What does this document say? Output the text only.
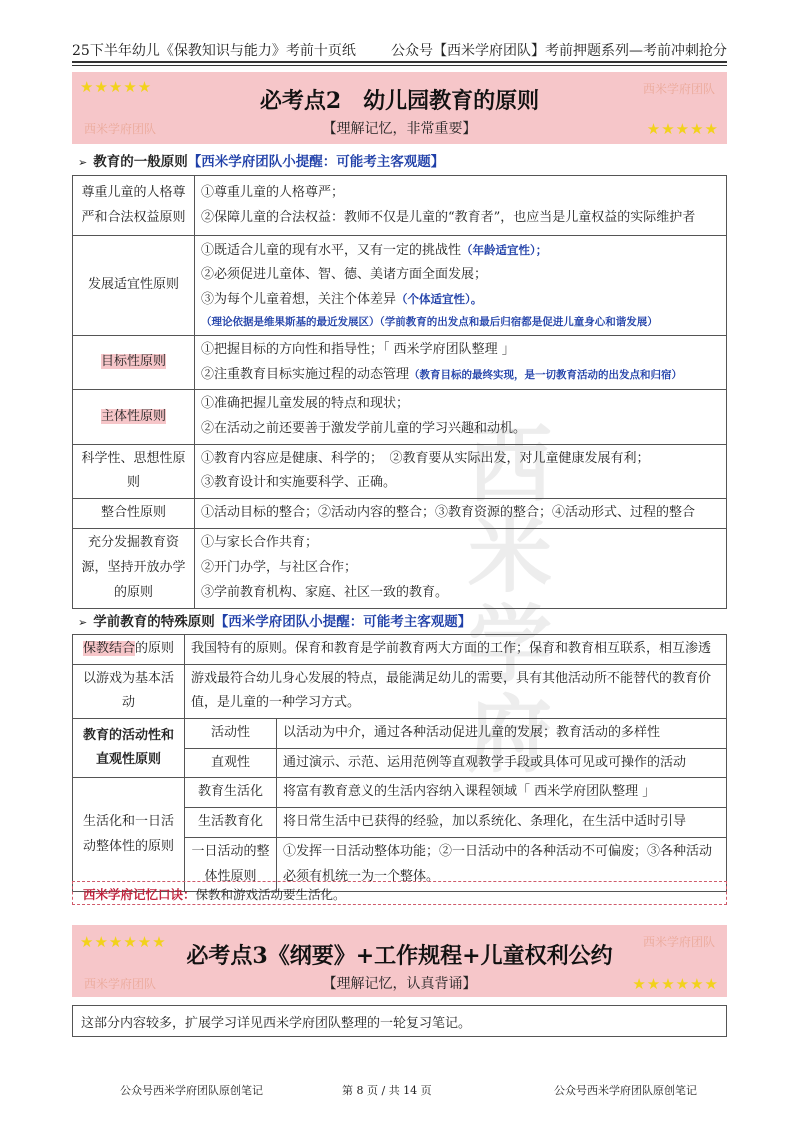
西米学府
25下半年幼儿《保教知识与能力》考前十页纸	公众号【西米学府团队】考前押题系列—考前冲刺抢分
★★★★★	西米学府团队
西米学府团队	★★★★★
必考点2　幼儿园教育的原则
【理解记忆，非常重要】
➢ 教育的一般原则【西米学府团队小提醒：可能考主客观题】
尊重儿童的人格尊严和合法权益原则	①尊重儿童的人格尊严；
②保障儿童的合法权益：教师不仅是儿童的“教育者”，也应当是儿童权益的实际维护者

发展适宜性原则	①既适合儿童的现有水平，又有一定的挑战性（年龄适宜性）；
②必须促进儿童体、智、德、美诸方面全面发展；
③为每个儿童着想，关注个体差异（个体适宜性）。
（理论依据是维果斯基的最近发展区）（学前教育的出发点和最后归宿都是促进儿童身心和谐发展）

目标性原则	①把握目标的方向性和指导性；「 西米学府团队整理 」
②注重教育目标实施过程的动态管理（教育目标的最终实现，是一切教育活动的出发点和归宿）

主体性原则	①准确把握儿童发展的特点和现状；
②在活动之前还要善于激发学前儿童的学习兴趣和动机。

科学性、思想性原则	①教育内容应是健康、科学的；　②教育要从实际出发，对儿童健康发展有利；
③教育设计和实施要科学、正确。

整合性原则	①活动目标的整合；②活动内容的整合；③教育资源的整合；④活动形式、过程的整合

充分发掘教育资源，坚持开放办学的原则	①与家长合作共育；
②开门办学，与社区合作；
③学前教育机构、家庭、社区一致的教育。
➢ 学前教育的特殊原则【西米学府团队小提醒：可能考主客观题】
保教结合的原则	我国特有的原则。保育和教育是学前教育两大方面的工作；保育和教育相互联系，相互渗透	
以游戏为基本活动	游戏最符合幼儿身心发展的特点，最能满足幼儿的需要，具有其他活动所不能替代的教育价值，是儿童的一种学习方式。	
教育的活动性和直观性原则	活动性	以活动为中介，通过各种活动促进儿童的发展；教育活动的多样性
	直观性	通过演示、示范、运用范例等直观教学手段或具体可见或可操作的活动
生活化和一日活动整体性的原则	教育生活化	将富有教育意义的生活内容纳入课程领域「 西米学府团队整理 」
	生活教育化	将日常生活中已获得的经验，加以系统化、条理化，在生活中适时引导
	一日活动的整体性原则	①发挥一日活动整体功能；②一日活动中的各种活动不可偏废；③各种活动必须有机统一为一个整体。
西米学府记忆口诀：保教和游戏活动要生活化。
★★★★★★	西米学府团队
西米学府团队	★★★★★★
必考点3《纲要》+工作规程+儿童权利公约
【理解记忆，认真背诵】
这部分内容较多，扩展学习详见西米学府团队整理的一轮复习笔记。
公众号西米学府团队原创笔记	第 8 页 / 共 14 页	公众号西米学府团队原创笔记
